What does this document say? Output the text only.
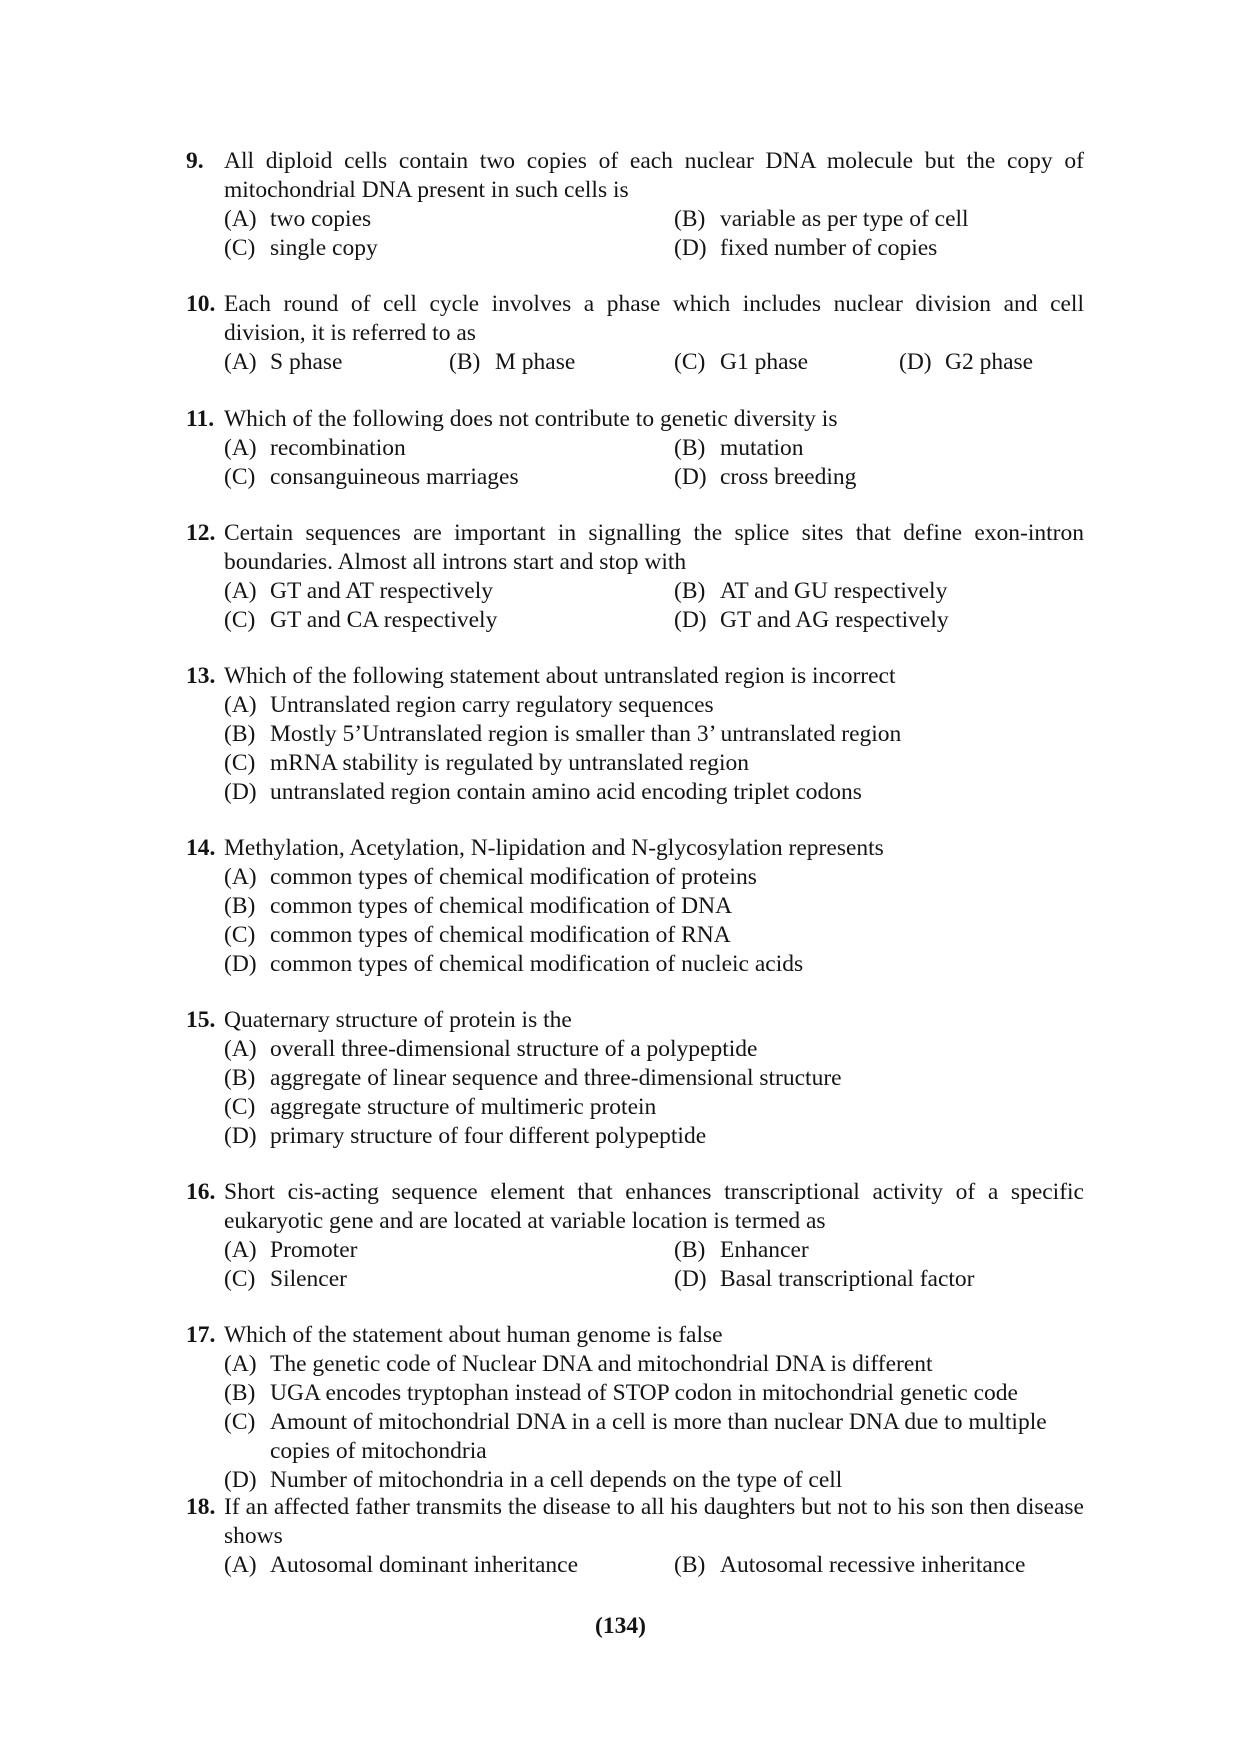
9. All diploid cells contain two copies of each nuclear DNA molecule but the copy of mitochondrial DNA present in such cells is
(A) two copies	(B) variable as per type of cell
(C) single copy	(D) fixed number of copies
10. Each round of cell cycle involves a phase which includes nuclear division and cell division, it is referred to as
(A) S phase	(B) M phase	(C) G1 phase	(D) G2 phase
11. Which of the following does not contribute to genetic diversity is
(A) recombination	(B) mutation
(C) consanguineous marriages	(D) cross breeding
12. Certain sequences are important in signalling the splice sites that define exon-intron boundaries. Almost all introns start and stop with
(A) GT and AT respectively	(B) AT and GU respectively
(C) GT and CA respectively	(D) GT and AG respectively
13. Which of the following statement about untranslated region is incorrect
(A) Untranslated region carry regulatory sequences
(B) Mostly 5’Untranslated region is smaller than 3’ untranslated region
(C) mRNA stability is regulated by untranslated region
(D) untranslated region contain amino acid encoding triplet codons
14. Methylation, Acetylation, N-lipidation and N-glycosylation represents
(A) common types of chemical modification of proteins
(B) common types of chemical modification of DNA
(C) common types of chemical modification of RNA
(D) common types of chemical modification of nucleic acids
15. Quaternary structure of protein is the
(A) overall three-dimensional structure of a polypeptide
(B) aggregate of linear sequence and three-dimensional structure
(C) aggregate structure of multimeric protein
(D) primary structure of four different polypeptide
16. Short cis-acting sequence element that enhances transcriptional activity of a specific eukaryotic gene and are located at variable location is termed as
(A) Promoter	(B) Enhancer
(C) Silencer	(D) Basal transcriptional factor
17. Which of the statement about human genome is false
(A) The genetic code of Nuclear DNA and mitochondrial DNA is different
(B) UGA encodes tryptophan instead of STOP codon in mitochondrial genetic code
(C) Amount of mitochondrial DNA in a cell is more than nuclear DNA due to multiple copies of mitochondria
(D) Number of mitochondria in a cell depends on the type of cell
18. If an affected father transmits the disease to all his daughters but not to his son then disease shows
(A) Autosomal dominant inheritance	(B) Autosomal recessive inheritance
(134)
